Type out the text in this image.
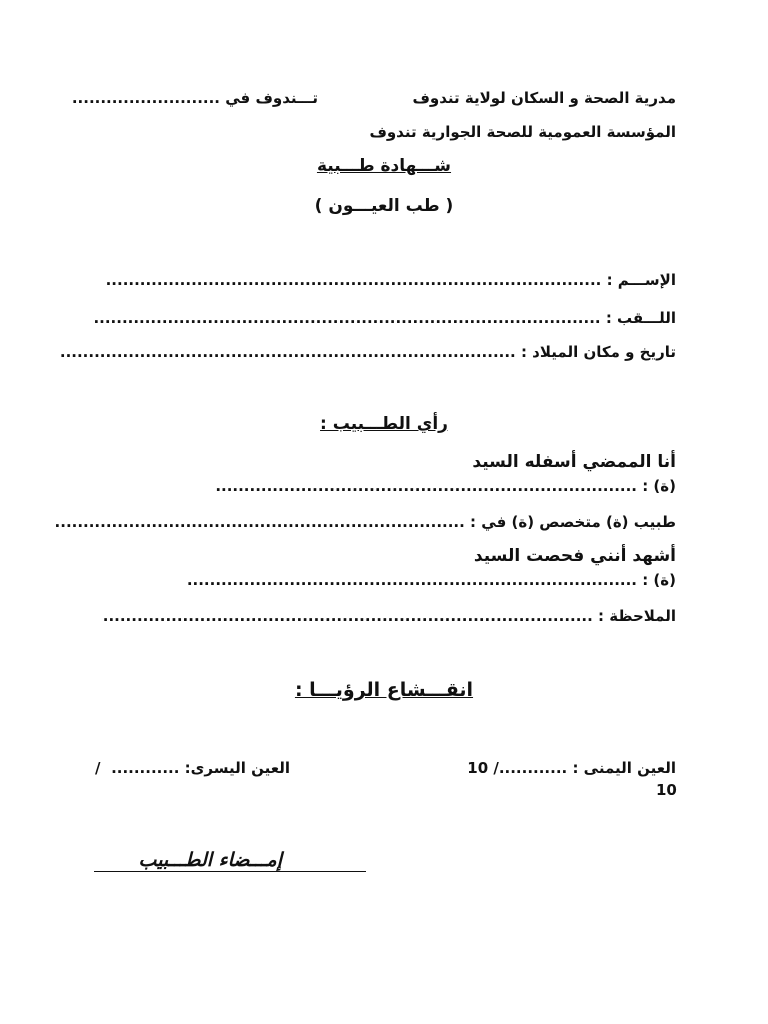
مدرية الصحة و السكان لولاية تندوف
تـــندوف في ..........................
المؤسسة العمومية للصحة الجوارية تندوف
شـــهادة طـــبية
( طب العيـــون )
الإســـم : .......................................................................................
اللـــقب : .........................................................................................
تاريخ و مكان الميلاد : ................................................................................
رأي الطـــبيب :
أنا الممضي أسفله السيد
(ة) : ..........................................................................
طبيب (ة) متخصص (ة) في : ........................................................................
أشهد أنني فحصت السيد
(ة) : ...............................................................................
الملاحظة : ......................................................................................
انقـــشاع الرؤيـــا :
العين اليمنى : ............/ 10
10
العين اليسرى: ............
/
إمـــضاء الطـــبيب
